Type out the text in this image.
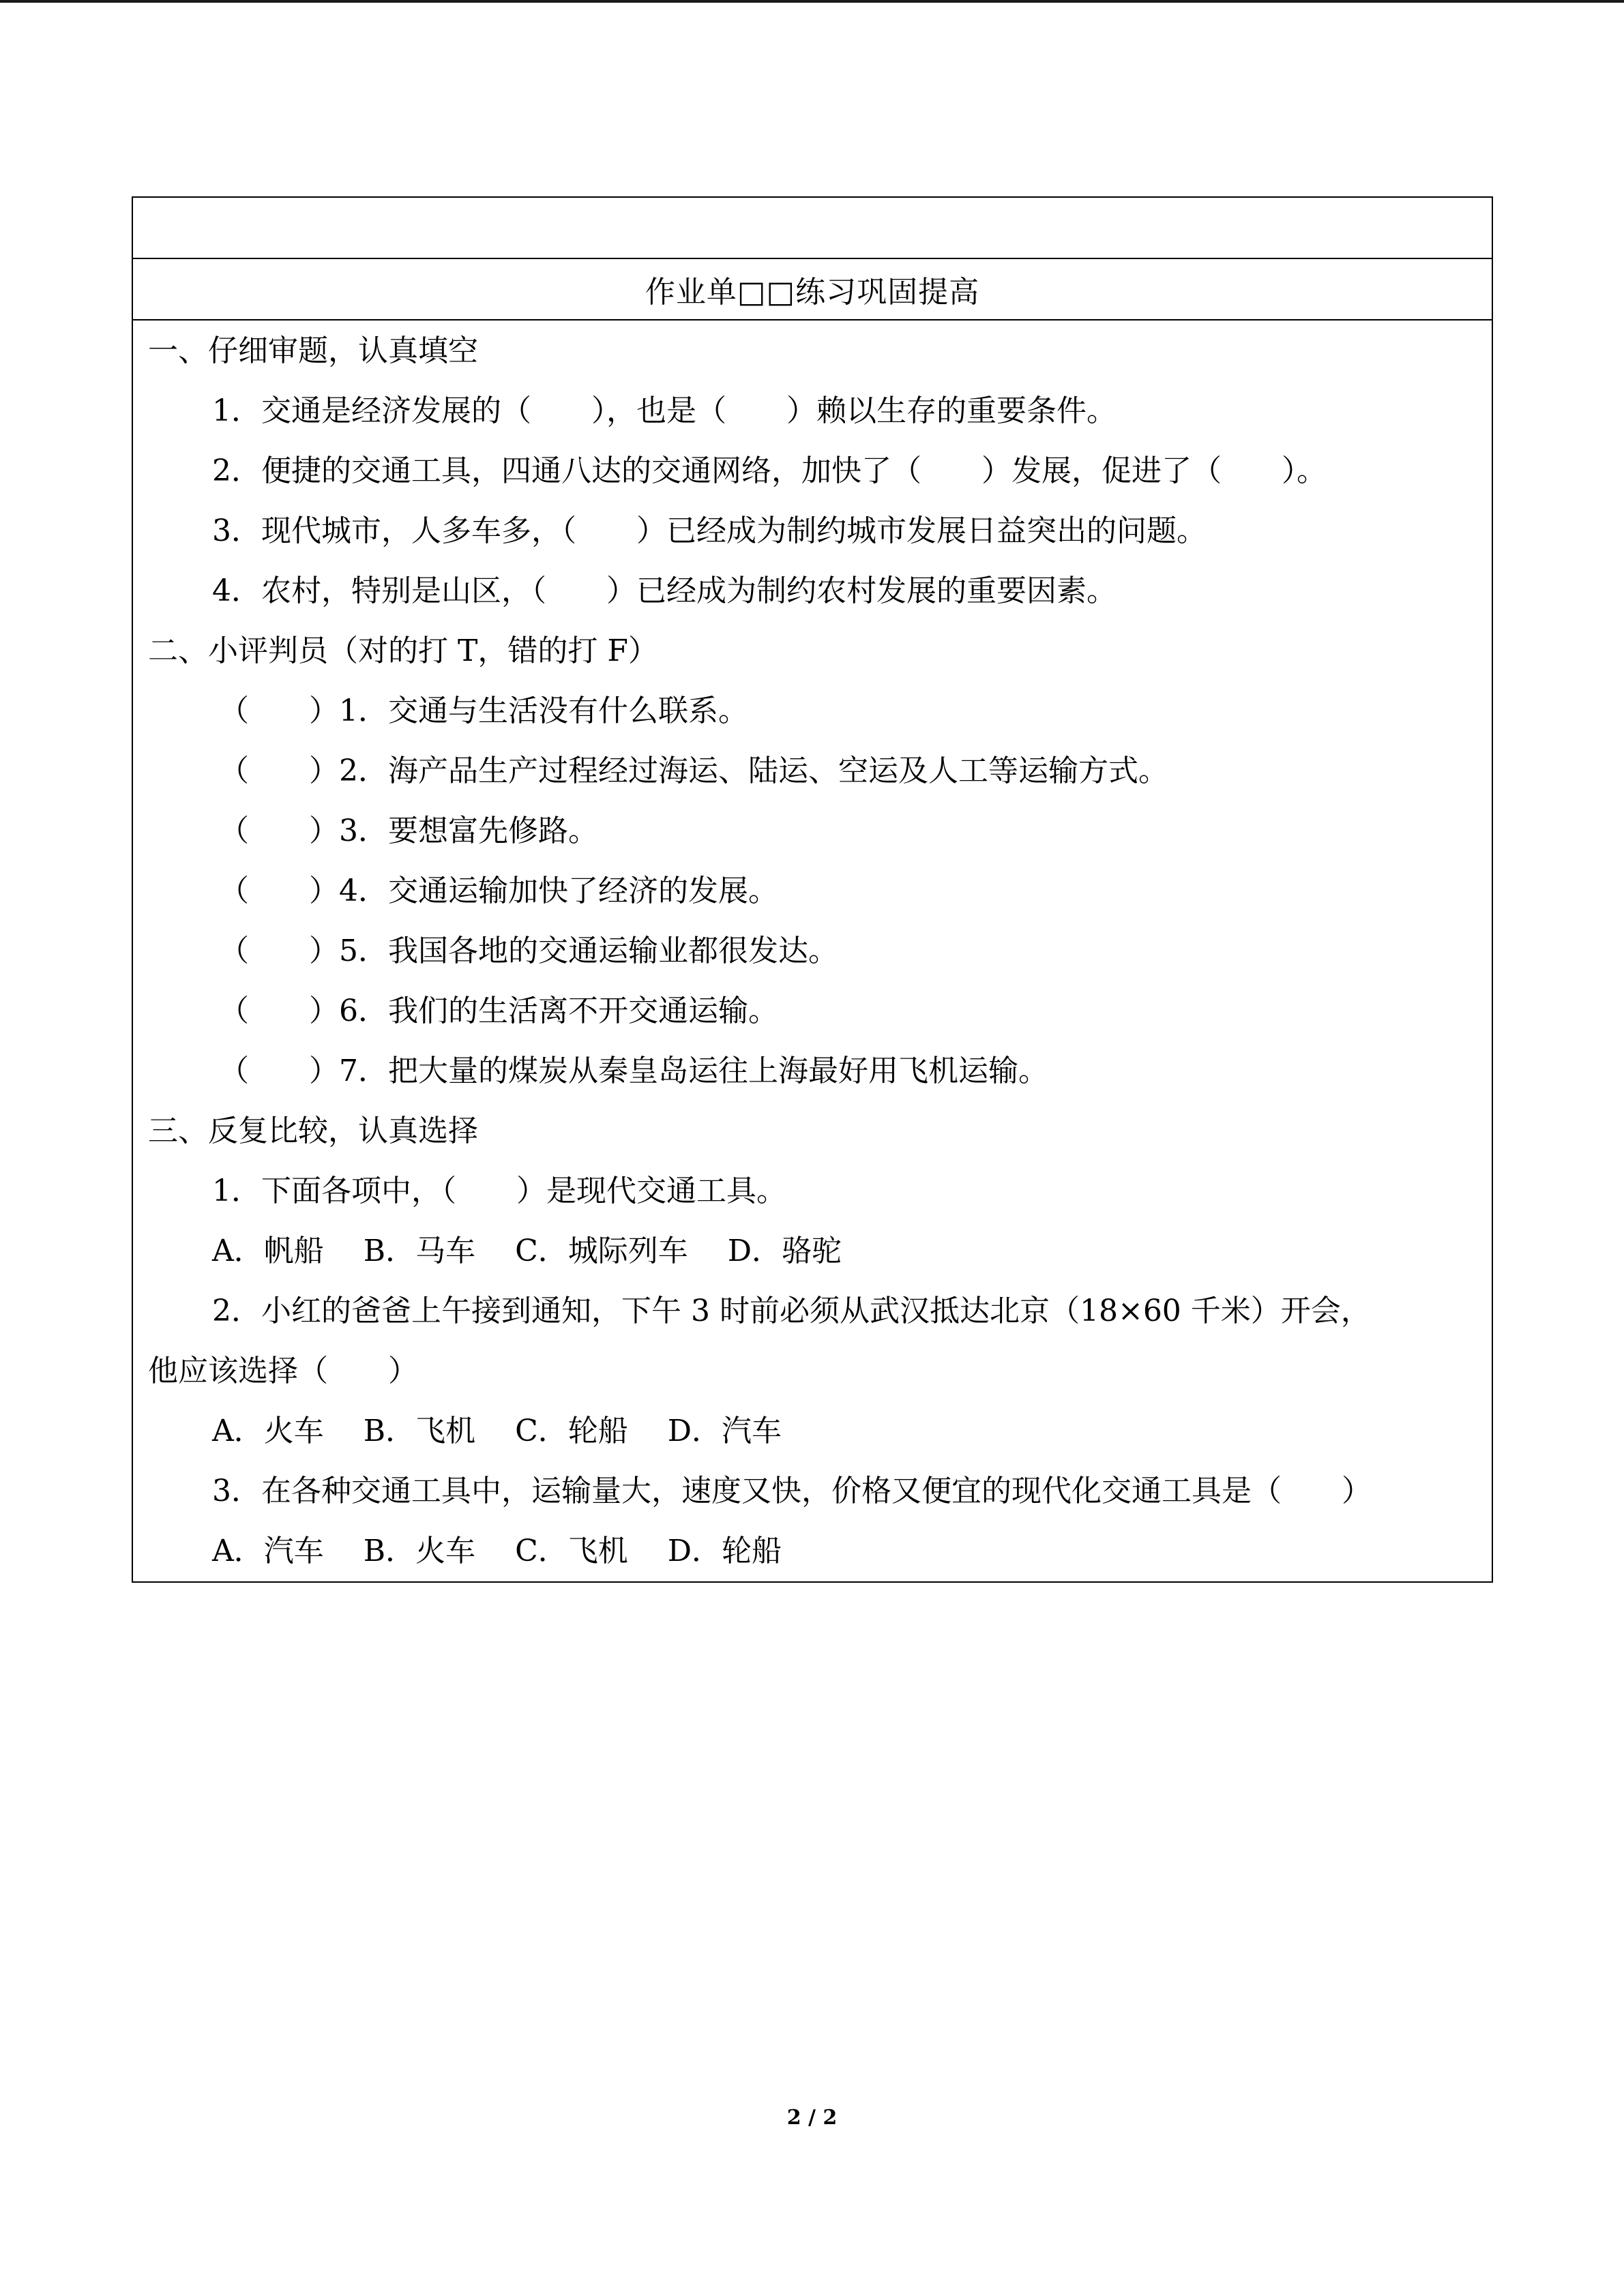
作业单□□练习巩固提高
一、仔细审题，认真填空
1．交通是经济发展的（　　），也是（　　）赖以生存的重要条件。
2．便捷的交通工具，四通八达的交通网络，加快了（　　）发展，促进了（　　）。
3．现代城市，人多车多，（　　）已经成为制约城市发展日益突出的问题。
4．农村，特别是山区，（　　）已经成为制约农村发展的重要因素。
二、小评判员（对的打 T，错的打 F）
（　　）1．交通与生活没有什么联系。
（　　）2．海产品生产过程经过海运、陆运、空运及人工等运输方式。
（　　）3．要想富先修路。
（　　）4．交通运输加快了经济的发展。
（　　）5．我国各地的交通运输业都很发达。
（　　）6．我们的生活离不开交通运输。
（　　）7．把大量的煤炭从秦皇岛运往上海最好用飞机运输。
三、反复比较，认真选择
1．下面各项中，（　　）是现代交通工具。
A．帆船　 B．马车　 C．城际列车　 D．骆驼
2．小红的爸爸上午接到通知，下午 3 时前必须从武汉抵达北京（18×60 千米）开会，
他应该选择（　　）
A．火车　 B．飞机　 C．轮船　 D．汽车
3．在各种交通工具中，运输量大，速度又快，价格又便宜的现代化交通工具是（　　）
A．汽车　 B．火车　 C．飞机　 D．轮船
2 / 2
